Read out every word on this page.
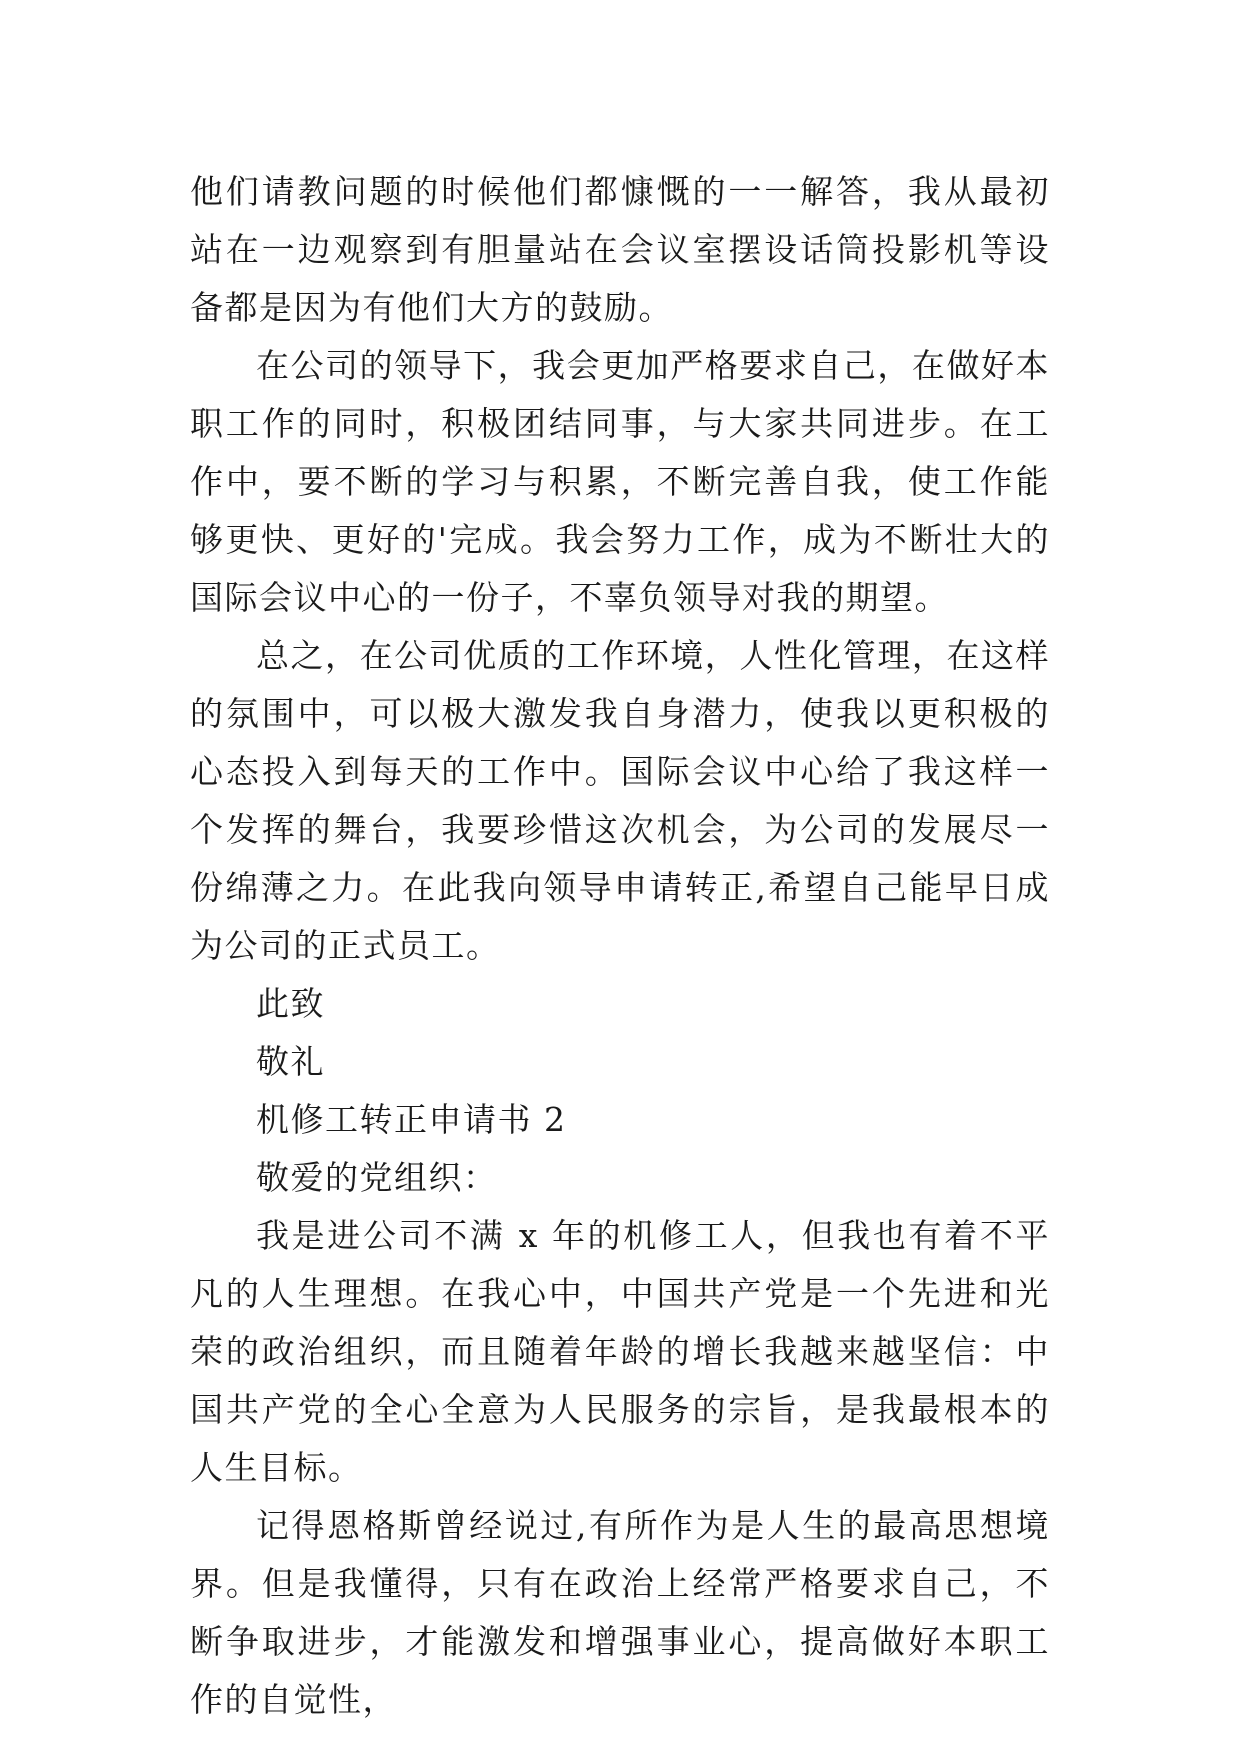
他们请教问题的时候他们都慷慨的一一解答，我从最初站在一边观察到有胆量站在会议室摆设话筒投影机等设备都是因为有他们大方的鼓励。

在公司的领导下，我会更加严格要求自己，在做好本职工作的同时，积极团结同事，与大家共同进步。在工作中，要不断的学习与积累，不断完善自我，使工作能够更快、更好的'完成。我会努力工作，成为不断壮大的国际会议中心的一份子，不辜负领导对我的期望。

总之，在公司优质的工作环境，人性化管理，在这样的氛围中，可以极大激发我自身潜力，使我以更积极的心态投入到每天的工作中。国际会议中心给了我这样一个发挥的舞台，我要珍惜这次机会，为公司的发展尽一份绵薄之力。在此我向领导申请转正,希望自己能早日成为公司的正式员工。

此致

敬礼

机修工转正申请书 2

敬爱的党组织：

我是进公司不满 x 年的机修工人，但我也有着不平凡的人生理想。在我心中，中国共产党是一个先进和光荣的政治组织，而且随着年龄的增长我越来越坚信：中国共产党的全心全意为人民服务的宗旨，是我最根本的人生目标。

记得恩格斯曾经说过,有所作为是人生的最高思想境界。但是我懂得，只有在政治上经常严格要求自己，不断争取进步，才能激发和增强事业心，提高做好本职工作的自觉性，
